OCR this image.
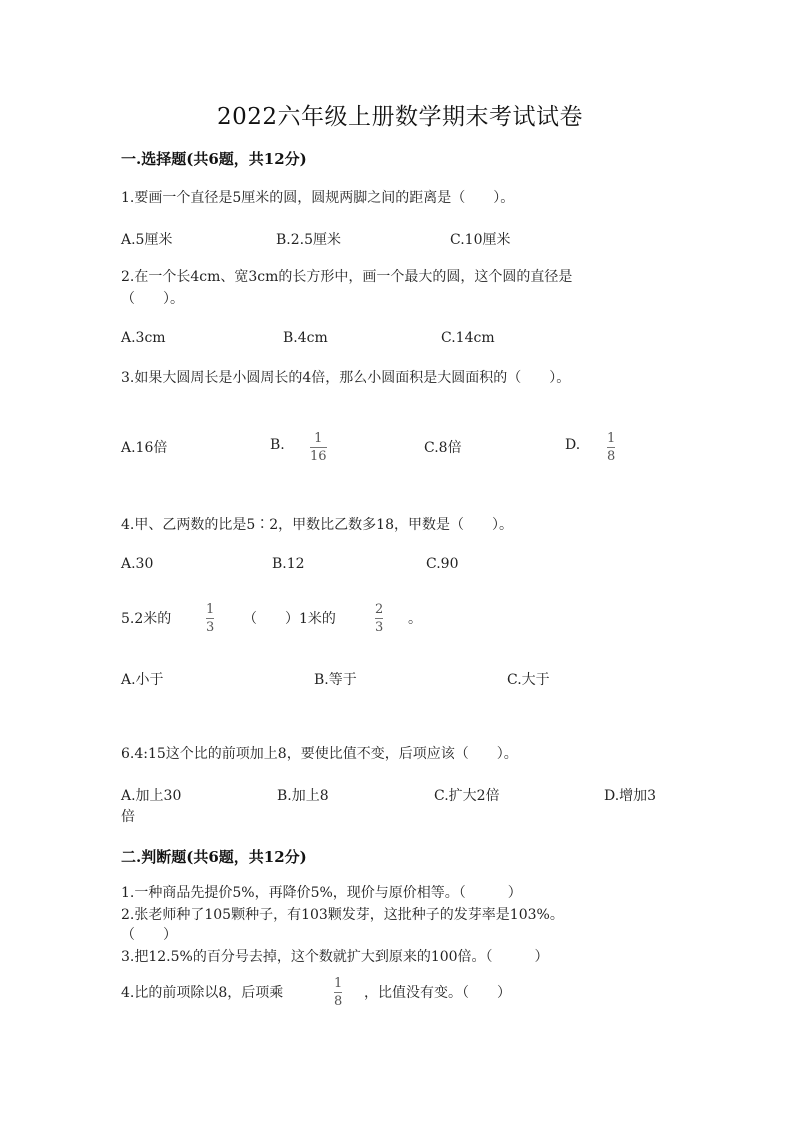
2022六年级上册数学期末考试试卷
一.选择题(共6题，共12分)
1.要画一个直径是5厘米的圆，圆规两脚之间的距离是（　　）。
A.5厘米	B.2.5厘米	C.10厘米
2.在一个长4cm、宽3cm的长方形中，画一个最大的圆，这个圆的直径是
（　　）。
A.3cm	B.4cm	C.14cm
3.如果大圆周长是小圆周长的4倍，那么小圆面积是大圆面积的（　　）。
A.16倍	B. 1
16
C.8倍	D. 1
8
4.甲、乙两数的比是5∶2，甲数比乙数多18，甲数是（　　）。
A.30	B.12	C.90
5.2米的
1
3
（　　）1米的
2
3
。
A.小于	B.等于	C.大于
6.4:15这个比的前项加上8，要使比值不变，后项应该（　　）。
A.加上30	B.加上8	C.扩大2倍	D.增加3
倍
二.判断题(共6题，共12分)
1.一种商品先提价5%，再降价5%，现价与原价相等。（　　　）
2.张老师种了105颗种子，有103颗发芽，这批种子的发芽率是103%。
（　　）
3.把12.5%的百分号去掉，这个数就扩大到原来的100倍。（　　　）
4.比的前项除以8，后项乘
1
8
，比值没有变。（　　）
